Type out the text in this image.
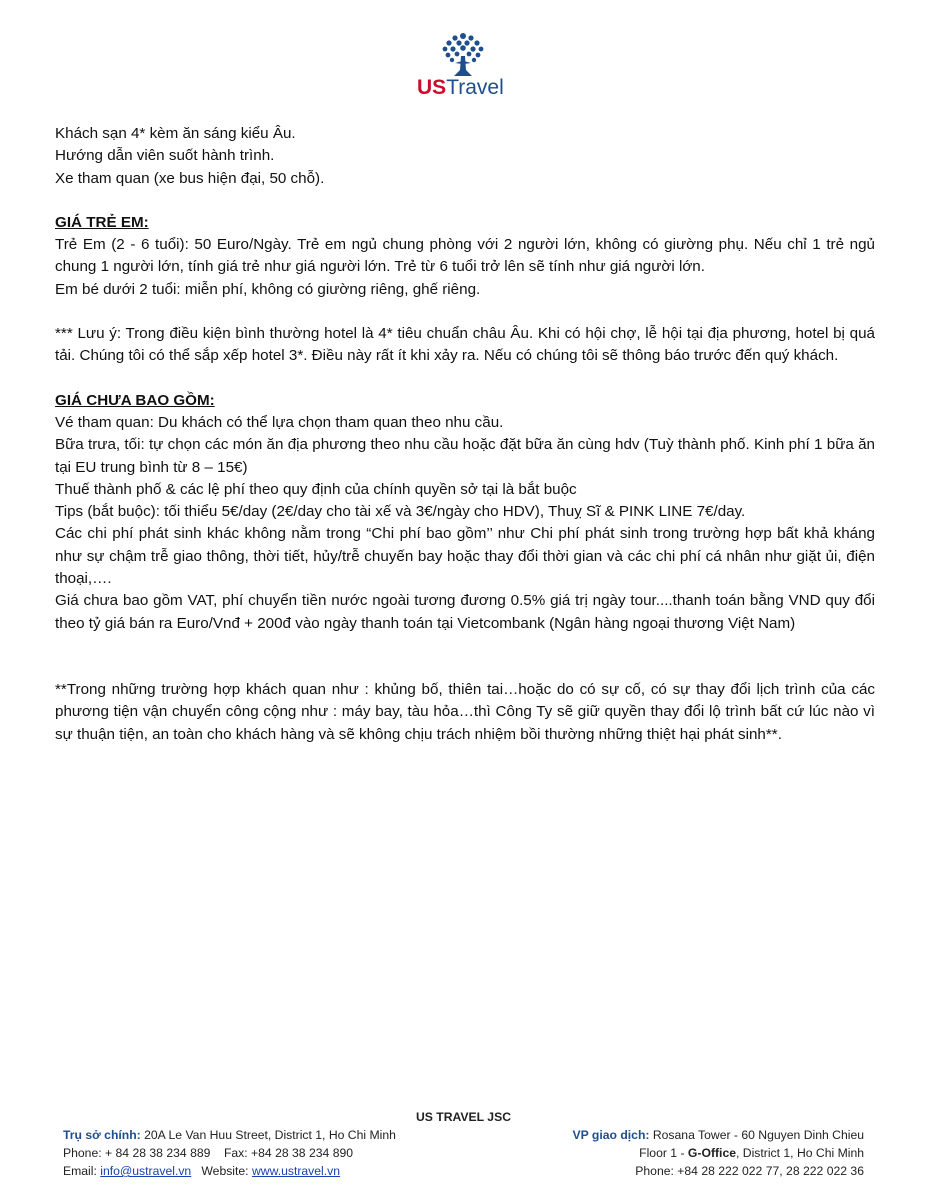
USTravel

Khách sạn 4* kèm ăn sáng kiểu Âu.

Hướng dẫn viên suốt hành trình.

Xe tham quan (xe bus hiện đại, 50 chỗ).

GIÁ TRẺ EM:

Trẻ Em (2 - 6 tuổi): 50 Euro/Ngày. Trẻ em ngủ chung phòng với 2 người lớn, không có giường phụ. Nếu chỉ 1 trẻ ngủ chung 1 người lớn, tính giá trẻ như giá người lớn. Trẻ từ 6 tuổi trở lên sẽ tính như giá người lớn.

Em bé dưới 2 tuổi: miễn phí, không có giường riêng, ghế riêng.

*** Lưu ý: Trong điều kiện bình thường hotel là 4* tiêu chuẩn châu Âu. Khi có hội chợ, lễ hội tại địa phương, hotel bị quá tải. Chúng tôi có thể sắp xếp hotel 3*. Điều này rất ít khi xảy ra. Nếu có chúng tôi sẽ thông báo trước đến quý khách.

GIÁ CHƯA BAO GỒM:

Vé tham quan: Du khách có thể lựa chọn tham quan theo nhu cầu.

Bữa trưa, tối: tự chọn các món ăn địa phương theo nhu cầu hoặc đặt bữa ăn cùng hdv (Tuỳ thành phố. Kinh phí 1 bữa ăn tại EU trung bình từ 8 – 15€)

Thuế thành phố & các lệ phí theo quy định của chính quyền sở tại là bắt buộc

Tips (bắt buộc): tối thiểu 5€/day (2€/day cho tài xế và 3€/ngày cho HDV), Thuỵ Sĩ & PINK LINE 7€/day.

Các chi phí phát sinh khác không nằm trong “Chi phí bao gồm’’ như Chi phí phát sinh trong trường hợp bất khả kháng như sự chậm trễ giao thông, thời tiết, hủy/trễ chuyến bay hoặc thay đổi thời gian và các chi phí cá nhân như giặt ủi, điện thoại,….

Giá chưa bao gồm VAT, phí chuyển tiền nước ngoài tương đương 0.5% giá trị ngày tour....thanh toán bằng VND quy đổi theo tỷ giá bán ra Euro/Vnđ + 200đ vào ngày thanh toán tại Vietcombank (Ngân hàng ngoại thương Việt Nam)

**Trong những trường hợp khách quan như : khủng bố, thiên tai…hoặc do có sự cố, có sự thay đổi lịch trình của các phương tiện vận chuyển công cộng như : máy bay, tàu hỏa…thì Công Ty sẽ giữ quyền thay đổi lộ trình bất cứ lúc nào vì sự thuận tiện, an toàn cho khách hàng và sẽ không chịu trách nhiệm bồi thường những thiệt hại phát sinh**.

US TRAVEL JSC
Trụ sở chính: 20A Le Van Huu Street, District 1, Ho Chi Minh
Phone: + 84 28 38 234 889    Fax: +84 28 38 234 890
Email: info@ustravel.vn   Website: www.ustravel.vn
VP giao dịch: Rosana Tower - 60 Nguyen Dinh Chieu
Floor 1 - G-Office, District 1, Ho Chi Minh
Phone: +84 28 222 022 77, 28 222 022 36
